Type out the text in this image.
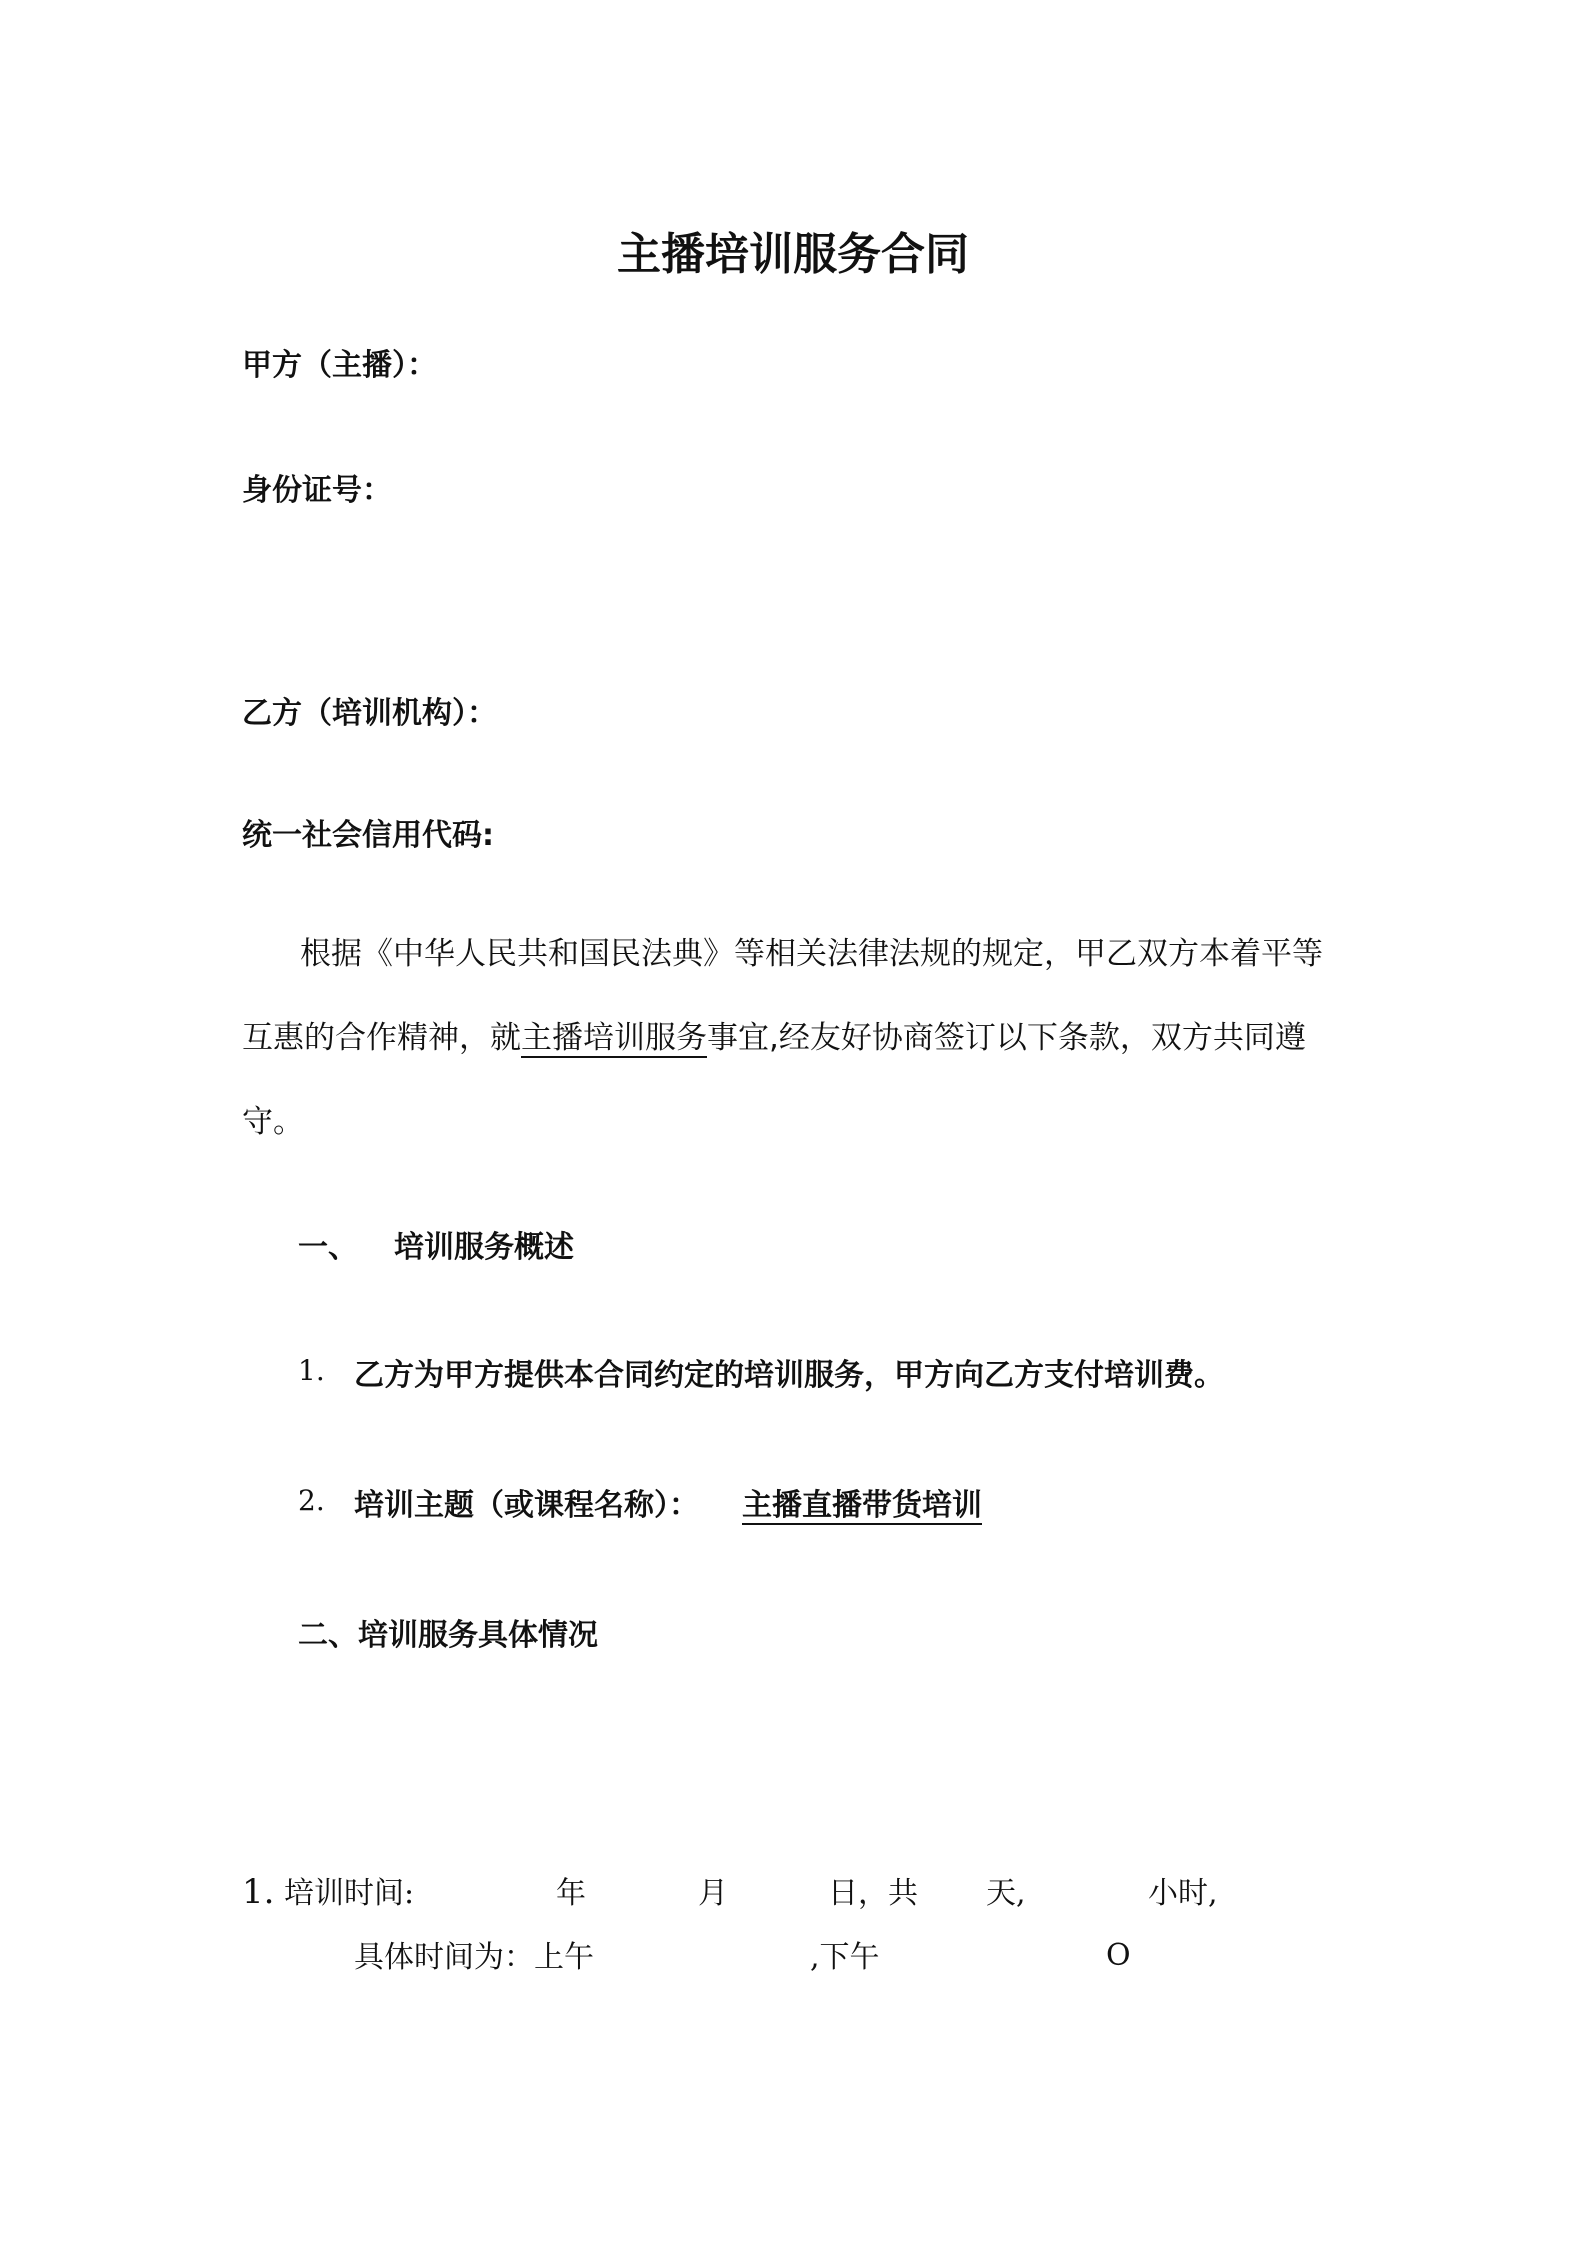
主播培训服务合同
甲方（主播）：
身份证号：
乙方（培训机构）：
统一社会信用代码:
根据《中华人民共和国民法典》等相关法律法规的规定，甲乙双方本着平等
互惠的合作精神，就主播培训服务事宜,经友好协商签订以下条款，双方共同遵
守。
一、 培训服务概述
1. 乙方为甲方提供本合同约定的培训服务，甲方向乙方支付培训费。
2. 培训主题（或课程名称）： 主播直播带货培训
二、培训服务具体情况
1. 培训时间:	年	月	日，共 天,	小时,
具体时间为：上午	,下午	O
